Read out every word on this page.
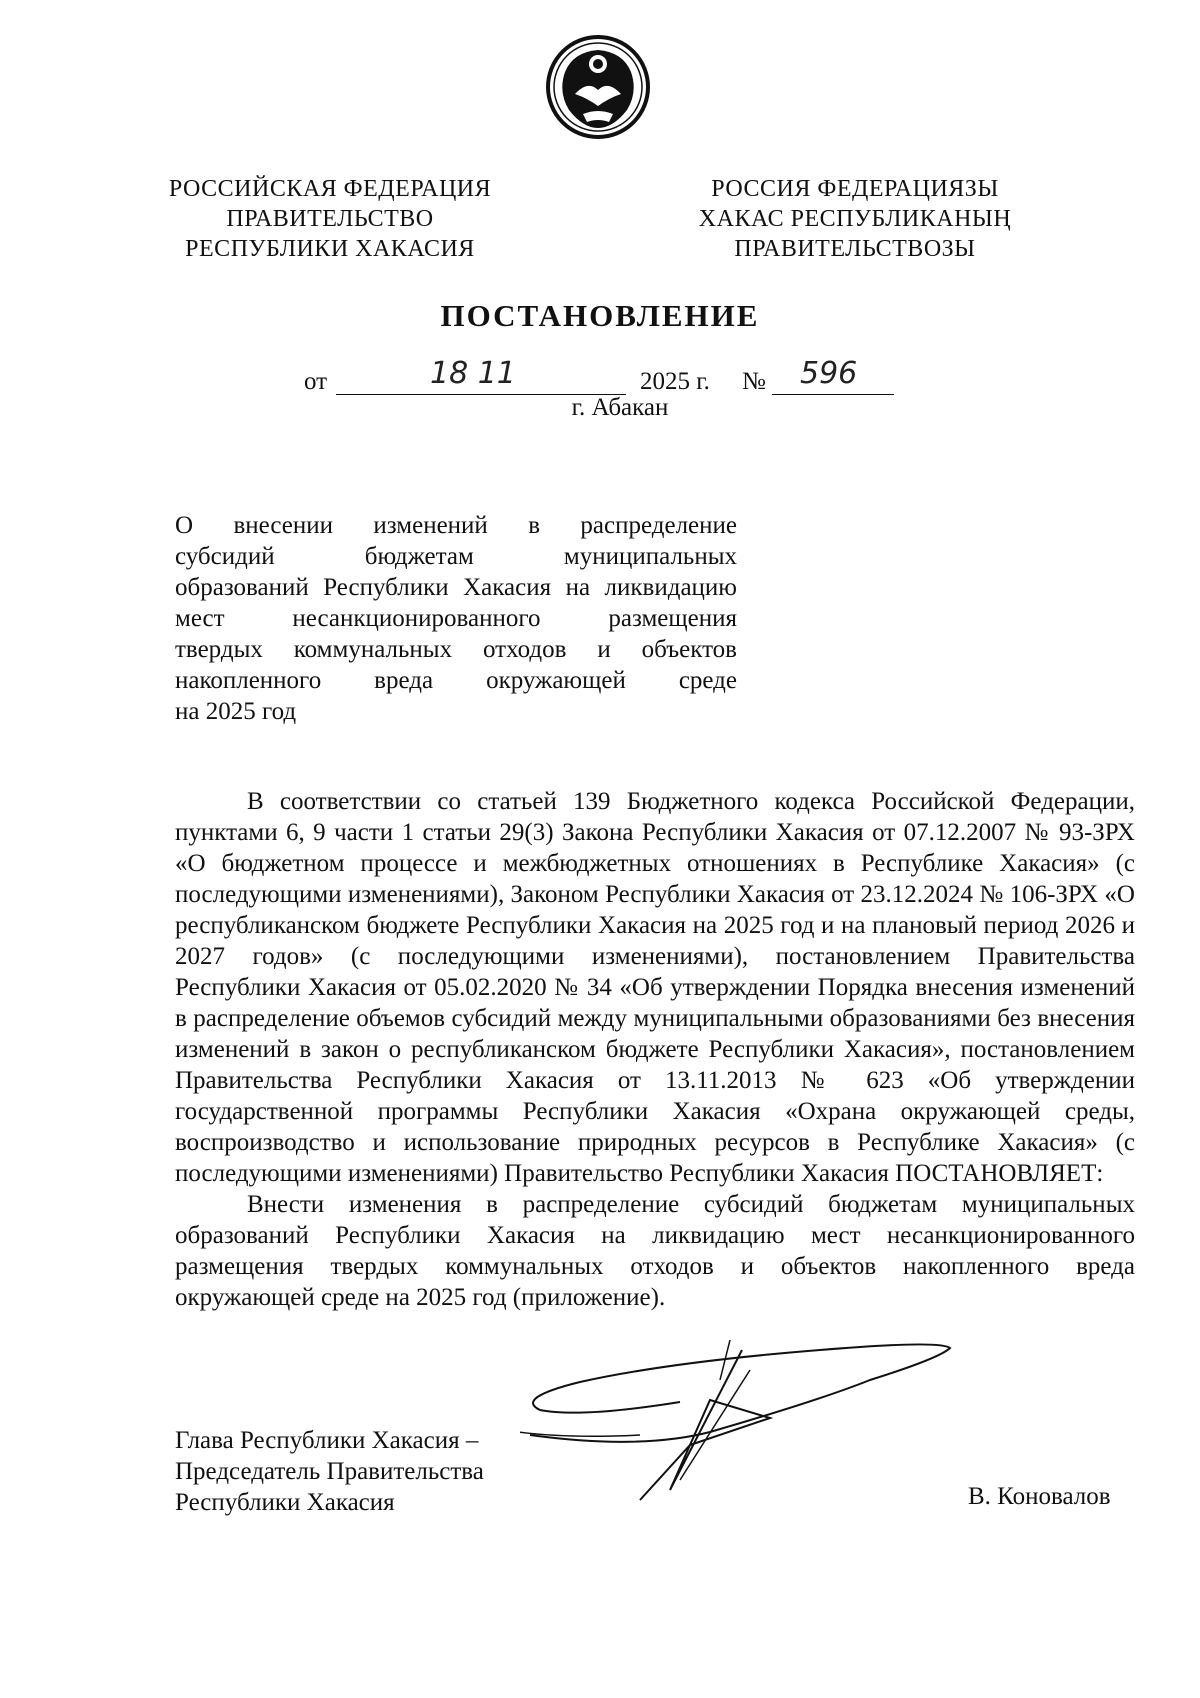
РОССИЙСКАЯ ФЕДЕРАЦИЯ
ПРАВИТЕЛЬСТВО
РЕСПУБЛИКИ ХАКАСИЯ
РОССИЯ ФЕДЕРАЦИЯЗЫ
ХАКАС РЕСПУБЛИКАНЫҢ
ПРАВИТЕЛЬСТВОЗЫ
ПОСТАНОВЛЕНИЕ
от	18 11	2025 г. № 596
г. Абакан
О внесении изменений в распределение
субсидий бюджетам муниципальных
образований Республики Хакасия на ликвидацию
мест несанкционированного размещения
твердых коммунальных отходов и объектов
накопленного вреда окружающей среде
на 2025 год

В соответствии со статьей 139 Бюджетного кодекса Российской Федерации, пунктами 6, 9 части 1 статьи 29(3) Закона Республики Хакасия от 07.12.2007 № 93-ЗРХ «О бюджетном процессе и межбюджетных отношениях в Республике Хакасия» (с последующими изменениями), Законом Республики Хакасия от 23.12.2024 № 106-ЗРХ «О республиканском бюджете Республики Хакасия на 2025 год и на плановый период 2026 и 2027 годов» (с последующими изменениями), постановлением Правительства Республики Хакасия от 05.02.2020 № 34 «Об утверждении Порядка внесения изменений в распределение объемов субсидий между муниципальными образованиями без внесения изменений в закон о республиканском бюджете Республики Хакасия», постановлением Правительства Республики Хакасия от 13.11.2013 № 623 «Об утверждении государственной программы Республики Хакасия «Охрана окружающей среды, воспроизводство и использование природных ресурсов в Республике Хакасия» (с последующими изменениями) Правительство Республики Хакасия ПОСТАНОВЛЯЕТ:

Внести изменения в распределение субсидий бюджетам муниципальных образований Республики Хакасия на ликвидацию мест несанкционированного размещения твердых коммунальных отходов и объектов накопленного вреда окружающей среде на 2025 год (приложение).

Глава Республики Хакасия –
Председатель Правительства
Республики Хакасия	В. Коновалов
